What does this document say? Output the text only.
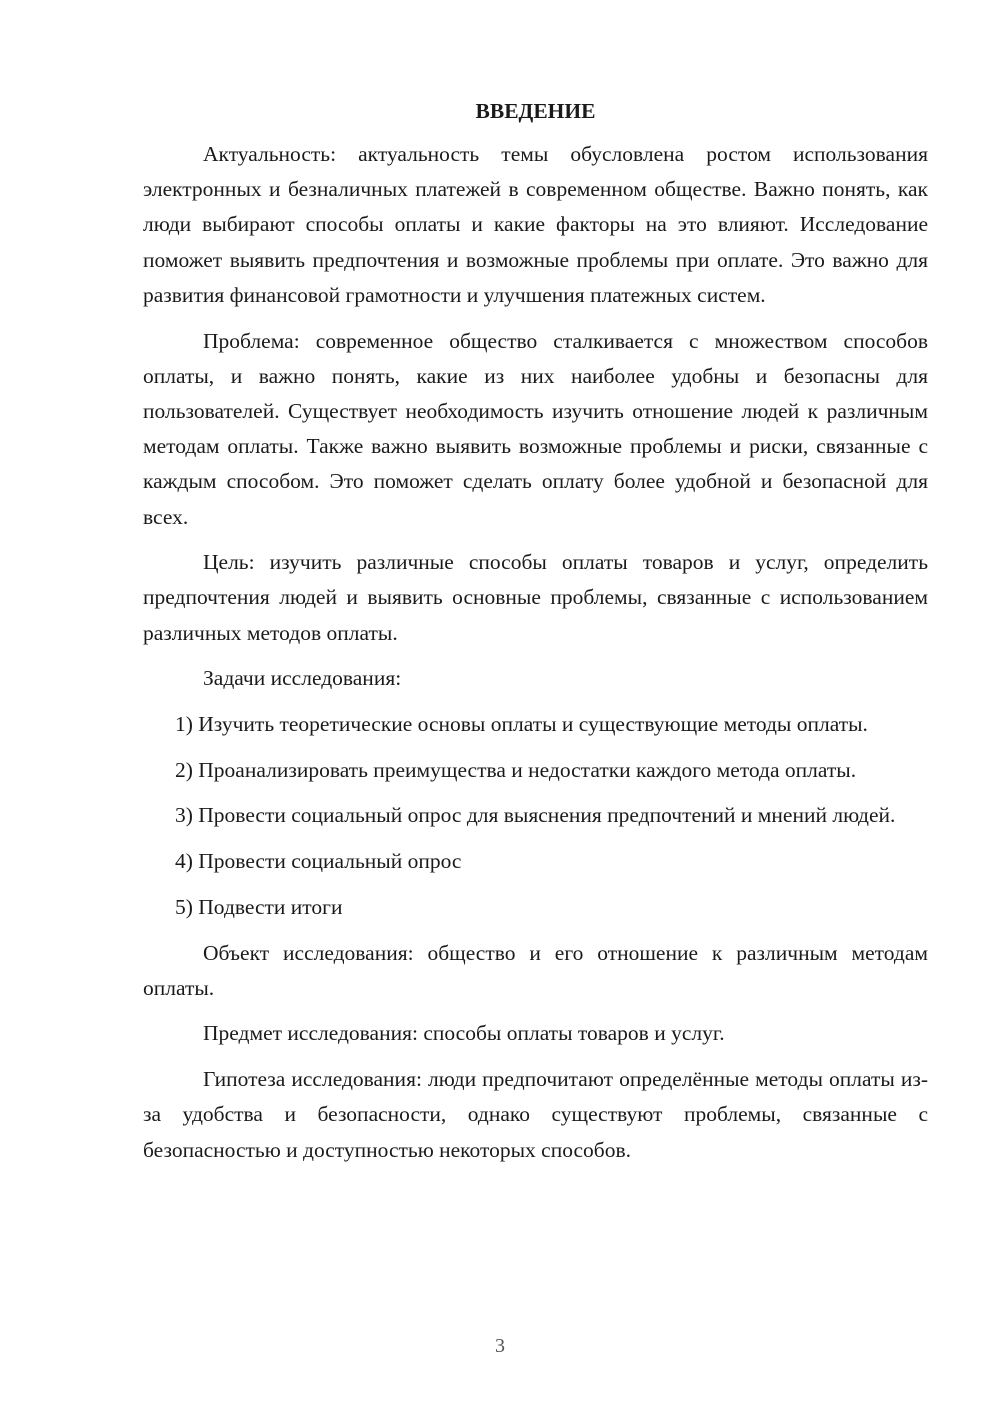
ВВЕДЕНИЕ

Актуальность: актуальность темы обусловлена ростом использования электронных и безналичных платежей в современном обществе. Важно понять, как люди выбирают способы оплаты и какие факторы на это влияют. Исследование поможет выявить предпочтения и возможные проблемы при оплате. Это важно для развития финансовой грамотности и улучшения платежных систем.

Проблема: современное общество сталкивается с множеством способов оплаты, и важно понять, какие из них наиболее удобны и безопасны для пользователей. Существует необходимость изучить отношение людей к различным методам оплаты. Также важно выявить возможные проблемы и риски, связанные с каждым способом. Это поможет сделать оплату более удобной и безопасной для всех.

Цель: изучить различные способы оплаты товаров и услуг, определить предпочтения людей и выявить основные проблемы, связанные с использованием различных методов оплаты.

Задачи исследования:

1) Изучить теоретические основы оплаты и существующие методы оплаты.

2) Проанализировать преимущества и недостатки каждого метода оплаты.

3) Провести социальный опрос для выяснения предпочтений и мнений людей.

4) Провести социальный опрос

5) Подвести итоги

Объект исследования: общество и его отношение к различным методам оплаты.

Предмет исследования: способы оплаты товаров и услуг.

Гипотеза исследования: люди предпочитают определённые методы оплаты из-за удобства и безопасности, однако существуют проблемы, связанные с безопасностью и доступностью некоторых способов.

3
